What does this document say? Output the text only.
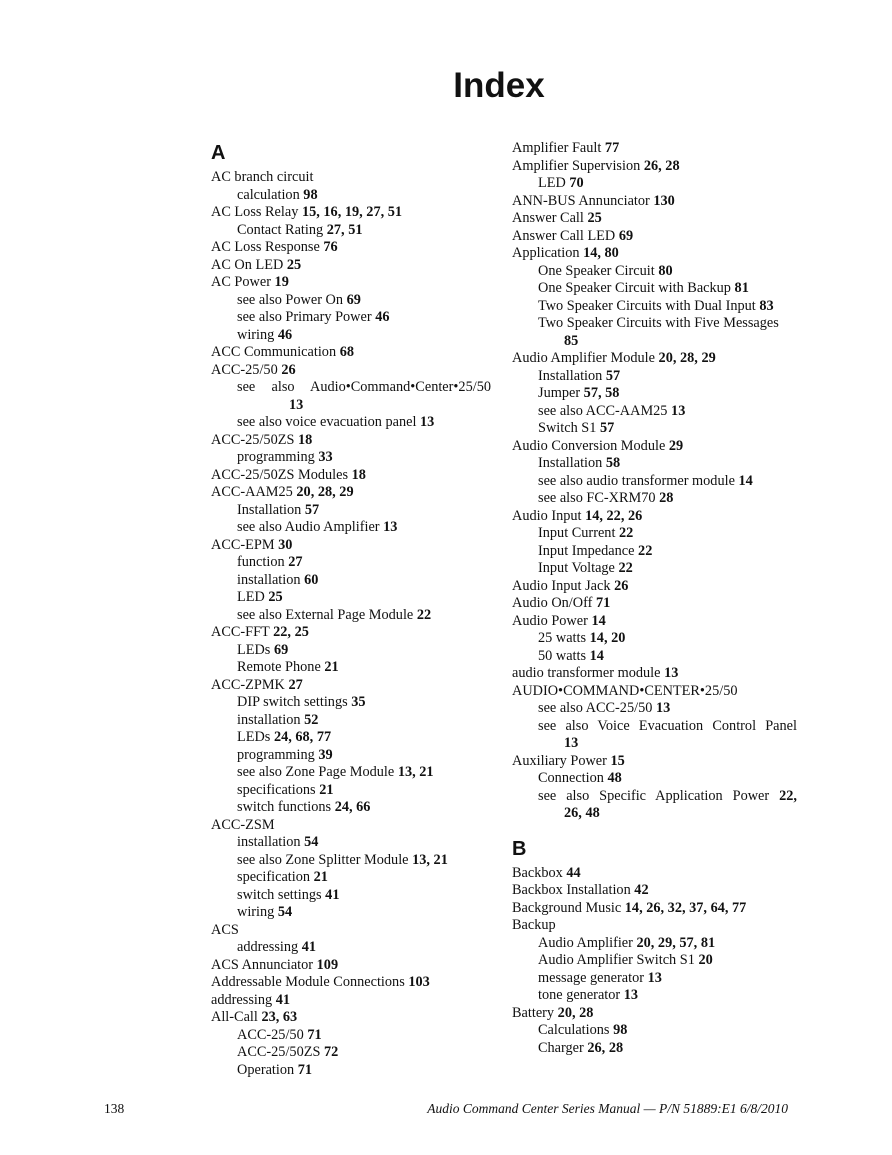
Index
A
AC branch circuit
calculation 98
AC Loss Relay 15, 16, 19, 27, 51
Contact Rating 27, 51
AC Loss Response 76
AC On LED 25
AC Power 19
see also Power On 69
see also Primary Power 46
wiring 46
ACC Communication 68
ACC-25/50 26
see also Audio•Command•Center•25/50
13
see also voice evacuation panel 13
ACC-25/50ZS 18
programming 33
ACC-25/50ZS Modules 18
ACC-AAM25 20, 28, 29
Installation 57
see also Audio Amplifier 13
ACC-EPM 30
function 27
installation 60
LED 25
see also External Page Module 22
ACC-FFT 22, 25
LEDs 69
Remote Phone 21
ACC-ZPMK 27
DIP switch settings 35
installation 52
LEDs 24, 68, 77
programming 39
see also Zone Page Module 13, 21
specifications 21
switch functions 24, 66
ACC-ZSM
installation 54
see also Zone Splitter Module 13, 21
specification 21
switch settings 41
wiring 54
ACS
addressing 41
ACS Annunciator 109
Addressable Module Connections 103
addressing 41
All-Call 23, 63
ACC-25/50 71
ACC-25/50ZS 72
Operation 71
Amplifier Fault 77
Amplifier Supervision 26, 28
LED 70
ANN-BUS Annunciator 130
Answer Call 25
Answer Call LED 69
Application 14, 80
One Speaker Circuit 80
One Speaker Circuit with Backup 81
Two Speaker Circuits with Dual Input 83
Two Speaker Circuits with Five Messages
85
Audio Amplifier Module 20, 28, 29
Installation 57
Jumper 57, 58
see also ACC-AAM25 13
Switch S1 57
Audio Conversion Module 29
Installation 58
see also audio transformer module 14
see also FC-XRM70 28
Audio Input 14, 22, 26
Input Current 22
Input Impedance 22
Input Voltage 22
Audio Input Jack 26
Audio On/Off 71
Audio Power 14
25 watts 14, 20
50 watts 14
audio transformer module 13
AUDIO•COMMAND•CENTER•25/50
see also ACC-25/50 13
see also Voice Evacuation Control Panel
13
Auxiliary Power 15
Connection 48
see also Specific Application Power 22,
26, 48
B
Backbox 44
Backbox Installation 42
Background Music 14, 26, 32, 37, 64, 77
Backup
Audio Amplifier 20, 29, 57, 81
Audio Amplifier Switch S1 20
message generator 13
tone generator 13
Battery 20, 28
Calculations 98
Charger 26, 28
138	Audio Command Center Series Manual — P/N 51889:E1 6/8/2010
